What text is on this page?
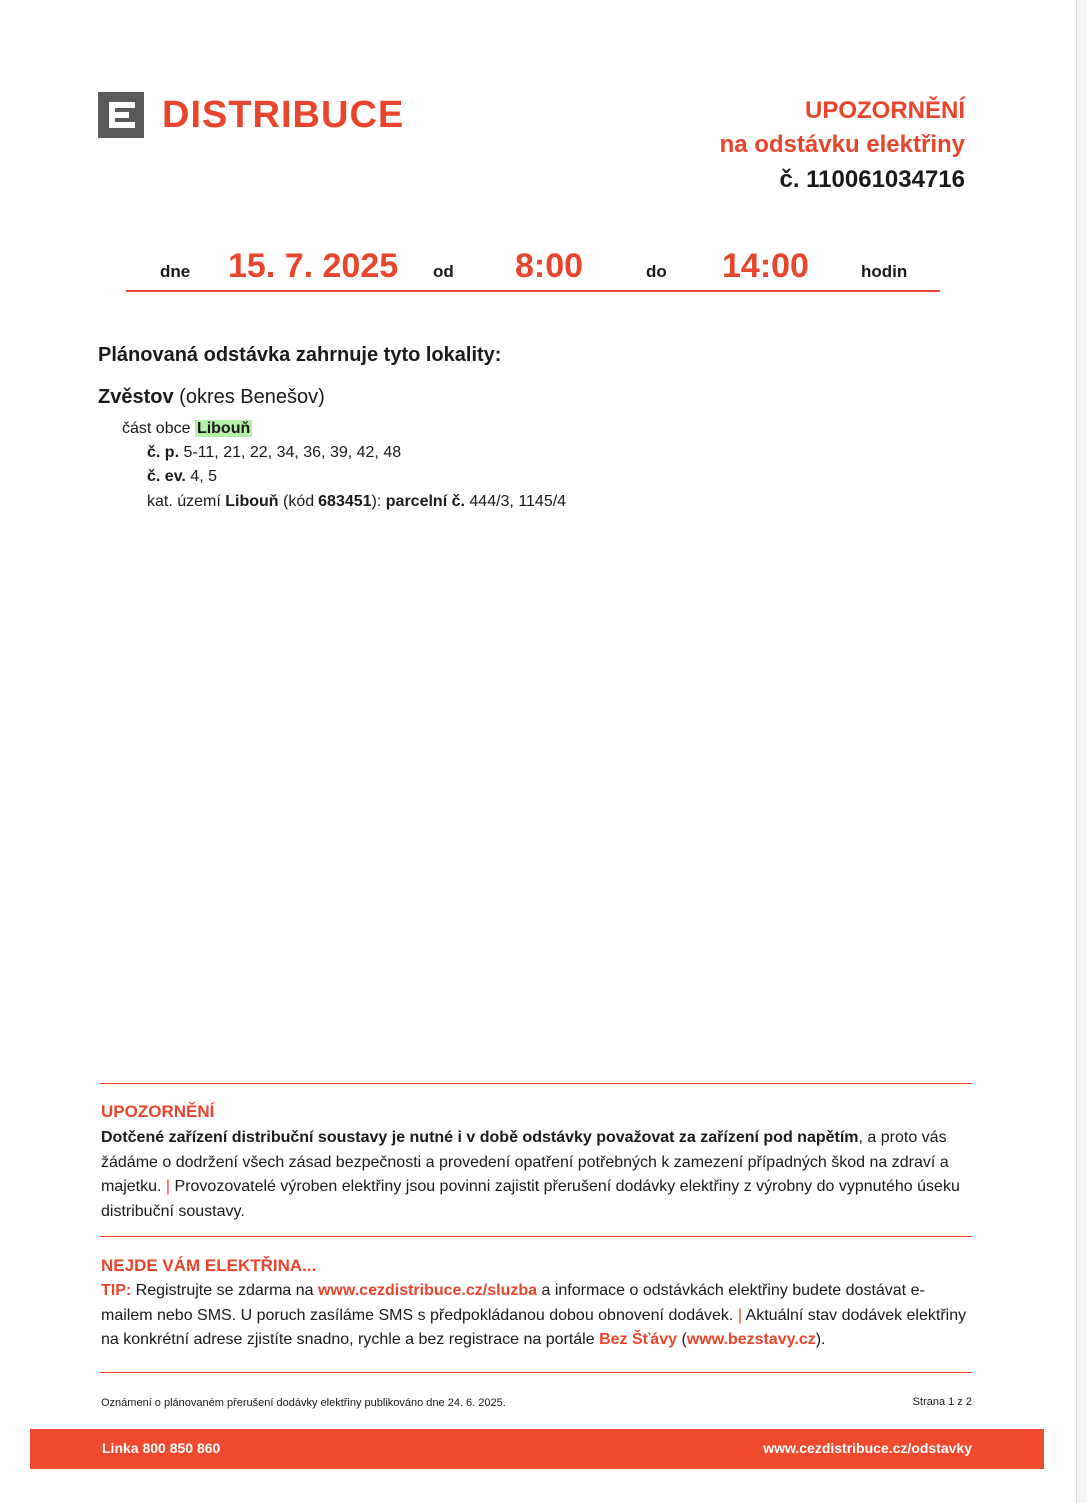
DISTRIBUCE	UPOZORNĚNÍ
na odstávku elektřiny
č. 110061034716
dne 15. 7. 2025 od 8:00	do 14:00	hodin
Plánovaná odstávka zahrnuje tyto lokality:
Zvěstov (okres Benešov)
část obce Libouň
č. p. 5-11, 21, 22, 34, 36, 39, 42, 48
č. ev. 4, 5
kat. území Libouň (kód 683451): parcelní č. 444/3, 1145/4
UPOZORNĚNÍ
Dotčené zařízení distribuční soustavy je nutné i v době odstávky považovat za zařízení pod napětím, a proto vás žádáme o dodržení všech zásad bezpečnosti a provedení opatření potřebných k zamezení případných škod na zdraví a majetku. | Provozovatelé výroben elektřiny jsou povinni zajistit přerušení dodávky elektřiny z výrobny do vypnutého úseku distribuční soustavy.
NEJDE VÁM ELEKTŘINA...
TIP: Registrujte se zdarma na www.cezdistribuce.cz/sluzba a informace o odstávkách elektřiny budete dostávat e-mailem nebo SMS. U poruch zasíláme SMS s předpokládanou dobou obnovení dodávek. | Aktuální stav dodávek elektřiny na konkrétní adrese zjistíte snadno, rychle a bez registrace na portále Bez Šťávy (www.bezstavy.cz).
Oznámení o plánovaném přerušení dodávky elektřiny publikováno dne 24. 6. 2025.	Strana 1 z 2
Linka 800 850 860	www.cezdistribuce.cz/odstavky
